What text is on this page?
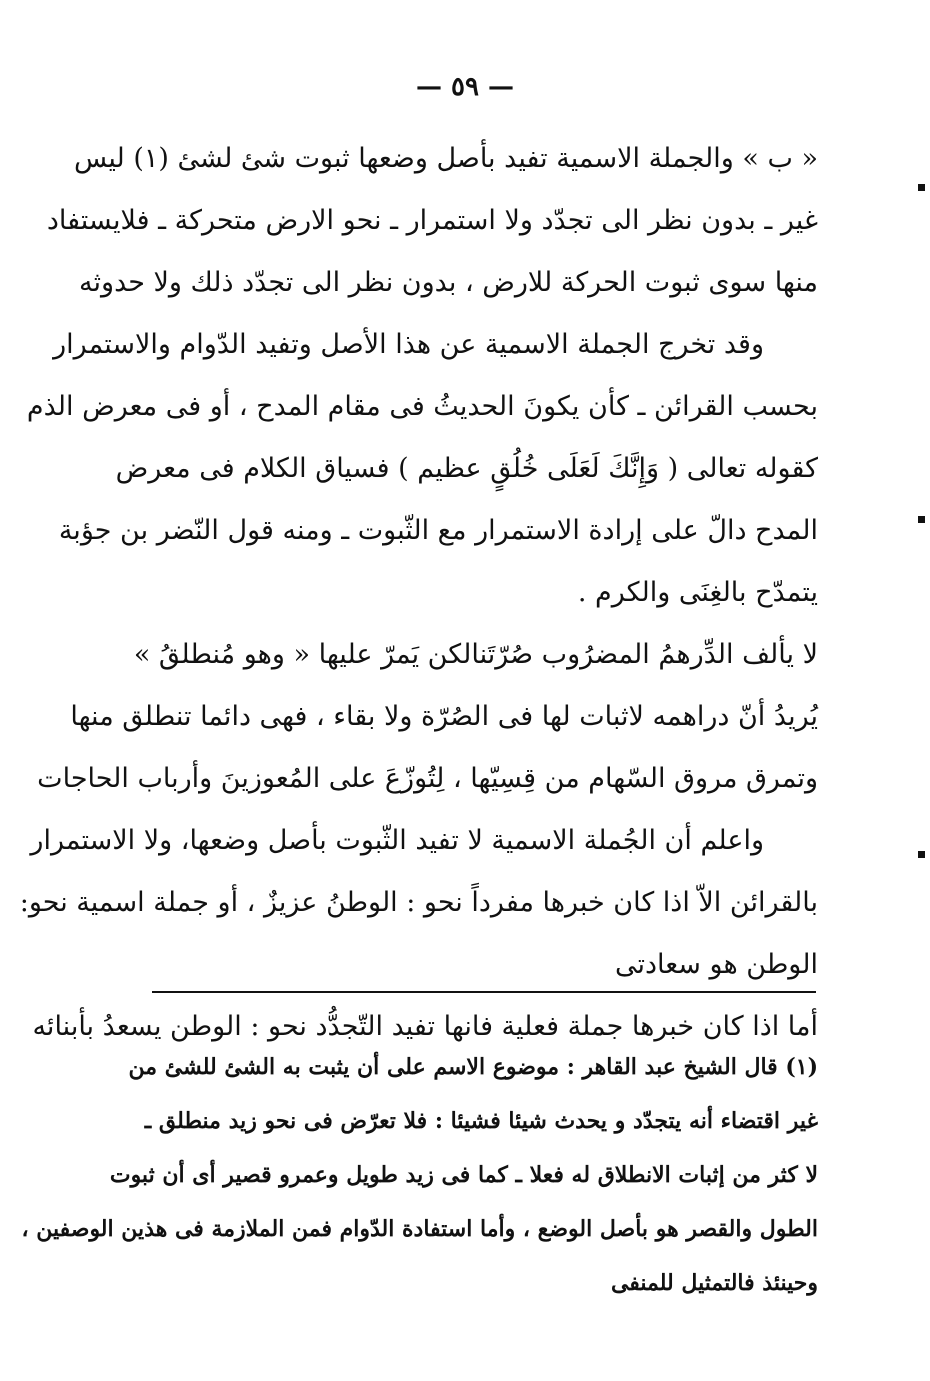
— ٥٩ —
« ب » والجملة الاسمية تفيد بأصل وضعها ثبوت شئ لشئ (١) ليس
غير ـ بدون نظر الى تجدّد ولا استمرار ـ نحو الارض متحركة ـ فلايستفاد
منها سوى ثبوت الحركة للارض ، بدون نظر الى تجدّد ذلك ولا حدوثه
وقد تخرج الجملة الاسمية عن هذا الأصل وتفيد الدّوام والاستمرار
بحسب القرائن ـ كأن يكونَ الحديثُ فى مقام المدح ، أو فى معرض الذم
كقوله تعالى ( وَإِنَّكَ لَعَلَى خُلُقٍ عظيم ) فسياق الكلام فى معرض
المدح دالّ على إرادة الاستمرار مع الثّبوت ـ ومنه قول النّضر بن جؤبة
يتمدّح بالغِنَى والكرم .
لا يألف الدِّرهمُ المضرُوب صُرّتَنا
لكن يَمرّ عليها « وهو مُنطلقُ »
يُريدُ أنّ دراهمه لاثبات لها فى الصُرّة ولا بقاء ، فهى دائما تنطلق منها
وتمرق مروق السّهام من قِسِيّها ، لِتُوزّعَ على المُعوزينَ وأرباب الحاجات
واعلم أن الجُملة الاسمية لا تفيد الثّبوت بأصل وضعها، ولا الاستمرار
بالقرائن الاّ اذا كان خبرها مفرداً نحو : الوطنُ عزيزٌ ، أو جملة اسمية نحو:
الوطن هو سعادتى
أما اذا كان خبرها جملة فعلية فانها تفيد التّجدُّد نحو : الوطن يسعدُ بأبنائه
(١) قال الشيخ عبد القاهر : موضوع الاسم على أن يثبت به الشئ للشئ من
غير اقتضاء أنه يتجدّد و يحدث شيئا فشيئا : فلا تعرّض فى نحو زيد منطلق ـ
لا كثر من إثبات الانطلاق له فعلا ـ كما فى زيد طويل وعمرو قصير أى أن ثبوت
الطول والقصر هو بأصل الوضع ، وأما استفادة الدّوام فمن الملازمة فى هذين الوصفين ،
وحينئذ فالتمثيل للمنفى
